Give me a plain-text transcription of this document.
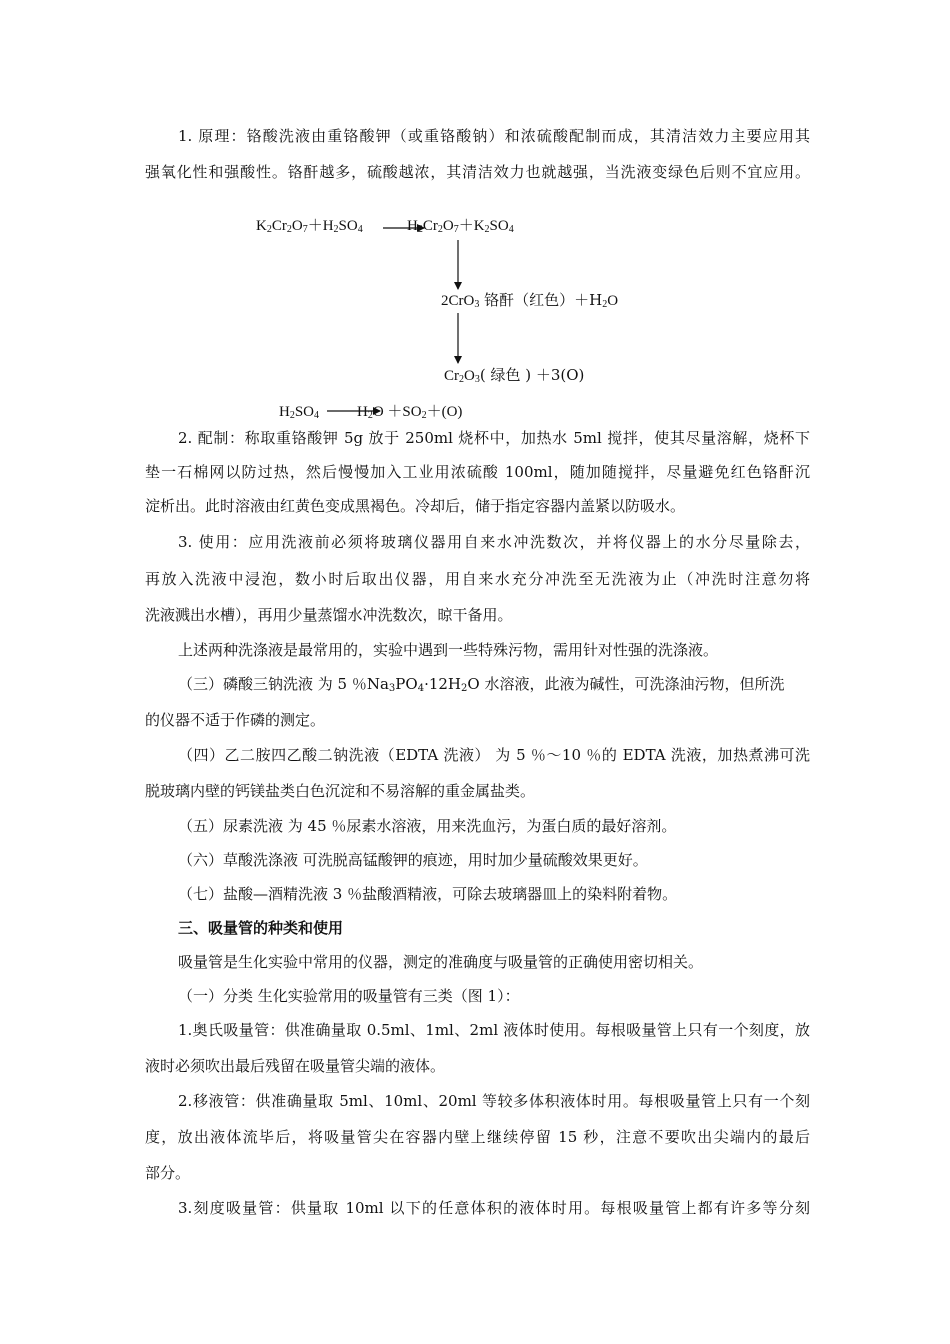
1. 原理：铬酸洗液由重铬酸钾（或重铬酸钠）和浓硫酸配制而成，其清洁效力主要应用其
强氧化性和强酸性。铬酐越多，硫酸越浓，其清洁效力也就越强，当洗液变绿色后则不宜应用。
$K_2Cr_2O_7+H_2SO_4$	$H_2Cr_2O_7+K_2SO_4$
2CrO$_3$ 铬酐（红色）$+H_2O$
$Cr_2O_3$( 绿色 ) ＋3(O)
$H_2SO_4$	$H_2O +SO_2+(O)$
2. 配制：称取重铬酸钾 5g 放于 250ml 烧杯中，加热水 5ml 搅拌，使其尽量溶解，烧杯下
垫一石棉网以防过热，然后慢慢加入工业用浓硫酸 100ml，随加随搅拌，尽量避免红色铬酐沉
淀析出。此时溶液由红黄色变成黑褐色。冷却后，储于指定容器内盖紧以防吸水。
3. 使用：应用洗液前必须将玻璃仪器用自来水冲洗数次，并将仪器上的水分尽量除去，
再放入洗液中浸泡，数小时后取出仪器，用自来水充分冲洗至无洗液为止（冲洗时注意勿将
洗液溅出水槽），再用少量蒸馏水冲洗数次，晾干备用。
上述两种洗涤液是最常用的，实验中遇到一些特殊污物，需用针对性强的洗涤液。
（三）磷酸三钠洗液 为 5 ％$Na_3PO_4\cdot 12H_2O$ 水溶液，此液为碱性，可洗涤油污物，但所洗
的仪器不适于作磷的测定。
（四）乙二胺四乙酸二钠洗液（EDTA 洗液） 为 5 ％～10 ％的 EDTA 洗液，加热煮沸可洗
脱玻璃内壁的钙镁盐类白色沉淀和不易溶解的重金属盐类。
（五）尿素洗液 为 45 ％尿素水溶液，用来洗血污，为蛋白质的最好溶剂。
（六）草酸洗涤液 可洗脱高锰酸钾的痕迹，用时加少量硫酸效果更好。
（七）盐酸—酒精洗液 3 ％盐酸酒精液，可除去玻璃器皿上的染料附着物。
三、吸量管的种类和使用
吸量管是生化实验中常用的仪器，测定的准确度与吸量管的正确使用密切相关。
（一）分类 生化实验常用的吸量管有三类（图 1）：
1.奥氏吸量管：供准确量取 0.5ml、1ml、2ml 液体时使用。每根吸量管上只有一个刻度，放
液时必须吹出最后残留在吸量管尖端的液体。
2.移液管：供准确量取 5ml、10ml、20ml 等较多体积液体时用。每根吸量管上只有一个刻
度，放出液体流毕后，将吸量管尖在容器内壁上继续停留 15 秒，注意不要吹出尖端内的最后
部分。
3.刻度吸量管：供量取 10ml 以下的任意体积的液体时用。每根吸量管上都有许多等分刻
